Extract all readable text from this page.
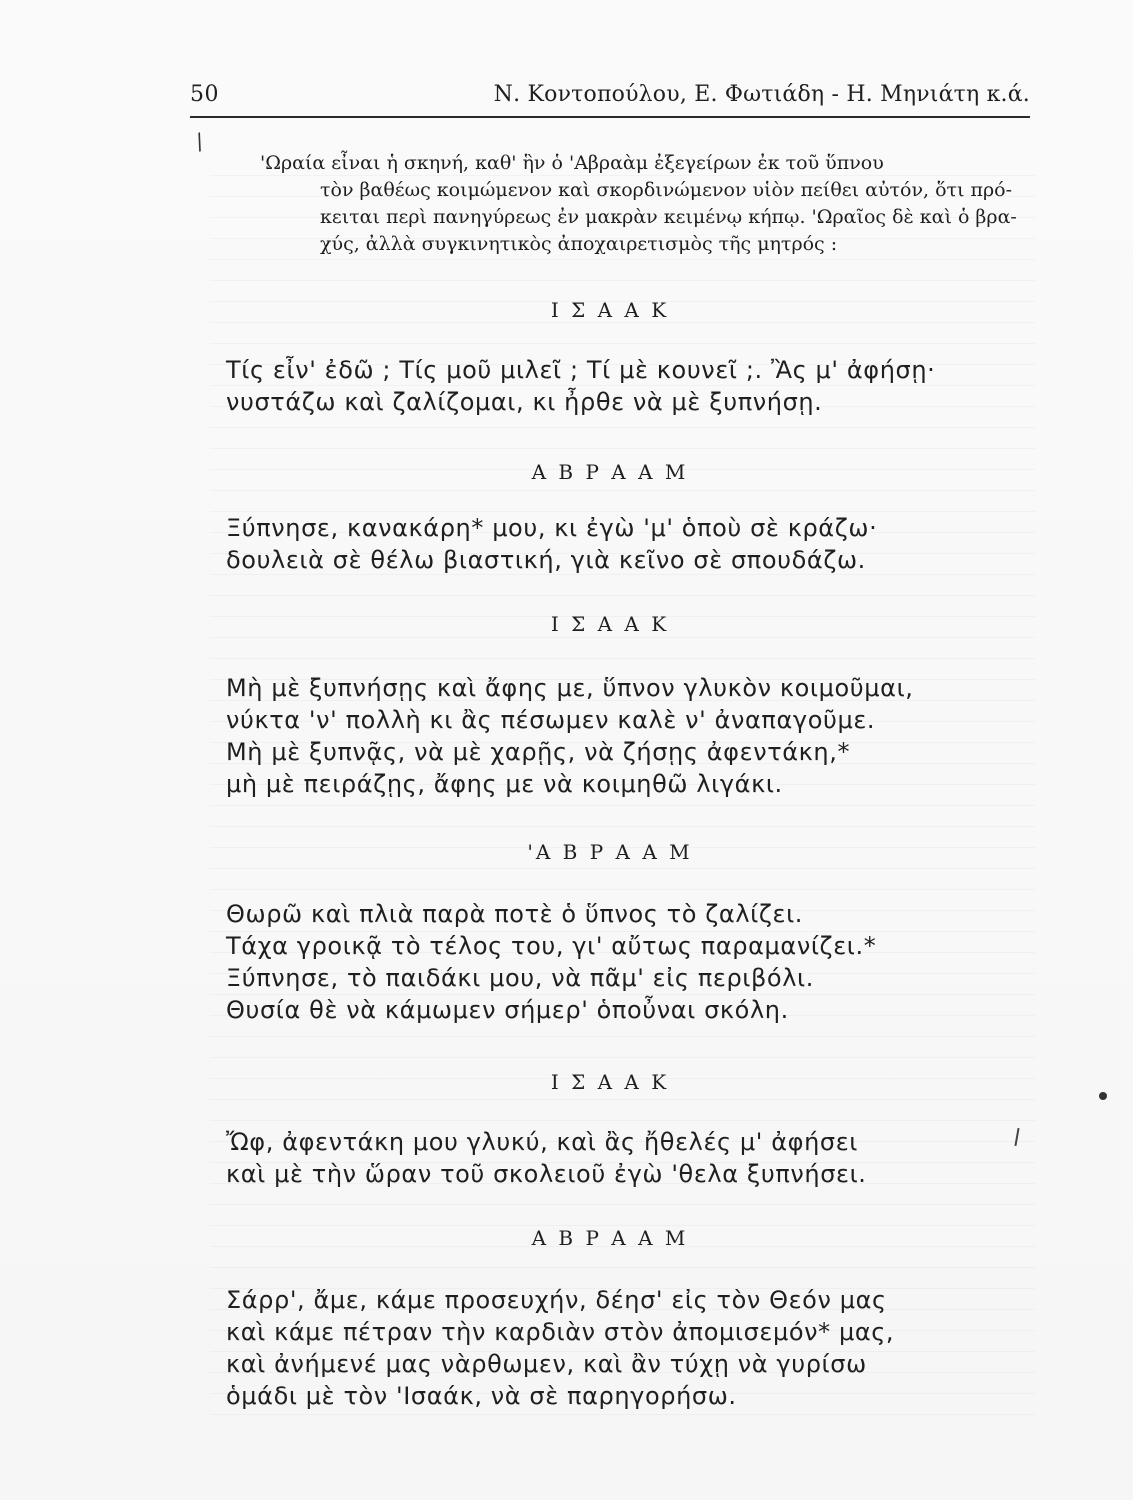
50	Ν. Κοντοπούλου, Ε. Φωτιάδη - Η. Μηνιάτη κ.ά.
/
'Ωραία εἶναι ἡ σκηνή, καθ' ἣν ὁ 'Αβραὰμ ἐξεγείρων ἐκ τοῦ ὕπνου
τὸν βαθέως κοιμώμενον καὶ σκορδινώμενον υἱὸν πείθει αὐτόν, ὅτι πρό-
κειται περὶ πανηγύρεως ἐν μακρὰν κειμένῳ κήπῳ. 'Ωραῖος δὲ καὶ ὁ βρα-
χύς, ἀλλὰ συγκινητικὸς ἀποχαιρετισμὸς τῆς μητρός :
Ι Σ Α Α Κ
Τίς εἶν' ἐδῶ ; Τίς μοῦ μιλεῖ ; Τί μὲ κουνεῖ ;. Ἂς μ' ἀφήσῃ·
νυστάζω καὶ ζαλίζομαι, κι ἦρθε νὰ μὲ ξυπνήσῃ.
Α Β Ρ Α Α Μ
Ξύπνησε, κανακάρη* μου, κι ἐγὼ 'μ' ὁποὺ σὲ κράζω·
δουλειὰ σὲ θέλω βιαστική, γιὰ κεῖνο σὲ σπουδάζω.
Ι Σ Α Α Κ
Μὴ μὲ ξυπνήσῃς καὶ ἄφης με, ὕπνον γλυκὸν κοιμοῦμαι,
νύκτα 'ν' πολλὴ κι ἂς πέσωμεν καλὲ ν' ἀναπαγοῦμε.
Μὴ μὲ ξυπνᾷς, νὰ μὲ χαρῇς, νὰ ζήσῃς ἀφεντάκη,*
μὴ μὲ πειράζῃς, ἄφης με νὰ κοιμηθῶ λιγάκι.
'Α Β Ρ Α Α Μ
Θωρῶ καὶ πλιὰ παρὰ ποτὲ ὁ ὕπνος τὸ ζαλίζει.
Τάχα γροικᾷ τὸ τέλος του, γι' αὔτως παραμανίζει.*
Ξύπνησε, τὸ παιδάκι μου, νὰ πᾶμ' εἰς περιβόλι.
Θυσία θὲ νὰ κάμωμεν σήμερ' ὁποὖναι σκόλη.
Ι Σ Α Α Κ
Ὤφ, ἀφεντάκη μου γλυκύ, καὶ ἂς ἤθελές μ' ἀφήσει
καὶ μὲ τὴν ὥραν τοῦ σκολειοῦ ἐγὼ 'θελα ξυπνήσει.
Α Β Ρ Α Α Μ
Σάρρ', ἄμε, κάμε προσευχήν, δέησ' εἰς τὸν Θεόν μας
καὶ κάμε πέτραν τὴν καρδιὰν στὸν ἀπομισεμόν* μας,
καὶ ἀνήμενέ μας νὰρθωμεν, καὶ ἂν τύχῃ νὰ γυρίσω
ὁμάδι μὲ τὸν 'Ισαάκ, νὰ σὲ παρηγορήσω.
